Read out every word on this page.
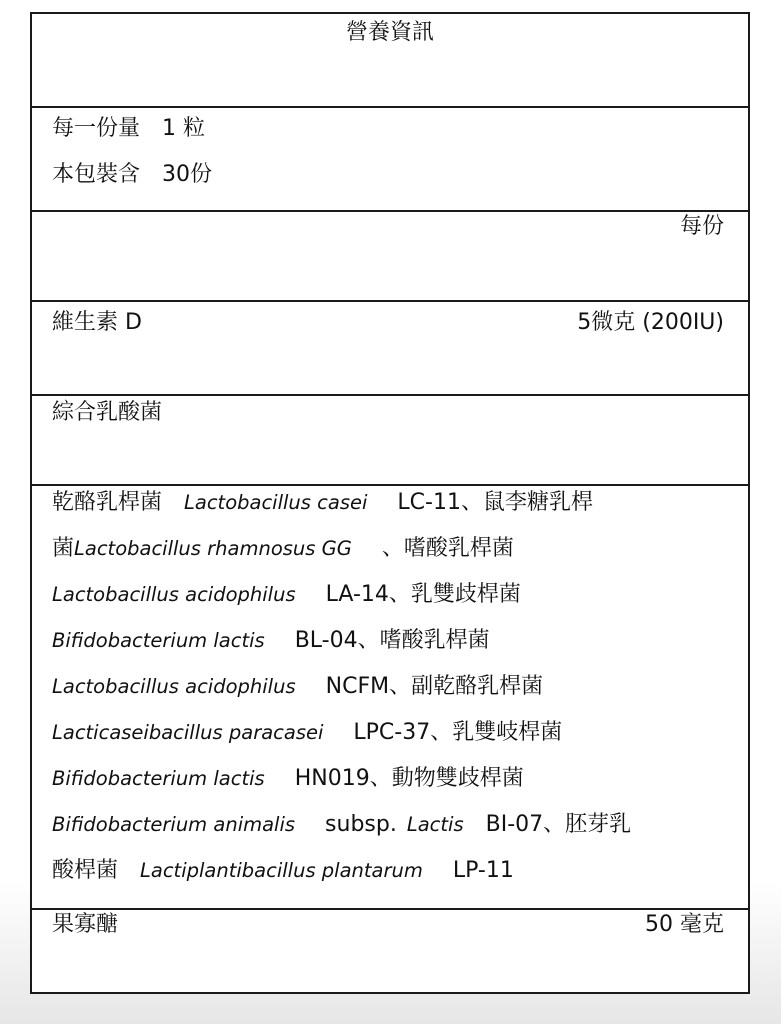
營養資訊
每一份量 1 粒
本包裝含 30份
每份
維生素 D	5微克 (200IU)
綜合乳酸菌
乾酪乳桿菌 Lactobacillus casei LC-11、鼠李糖乳桿
菌Lactobacillus rhamnosus GG 、嗜酸乳桿菌
Lactobacillus acidophilus LA-14、乳雙歧桿菌
Bifidobacterium lactis BL-04、嗜酸乳桿菌
Lactobacillus acidophilus NCFM、副乾酪乳桿菌
Lacticaseibacillus paracasei LPC-37、乳雙岐桿菌
Bifidobacterium lactis HN019、動物雙歧桿菌
Bifidobacterium animalis subsp. Lactis BI-07、胚芽乳
酸桿菌 Lactiplantibacillus plantarum LP-11
果寡醣	50 毫克
